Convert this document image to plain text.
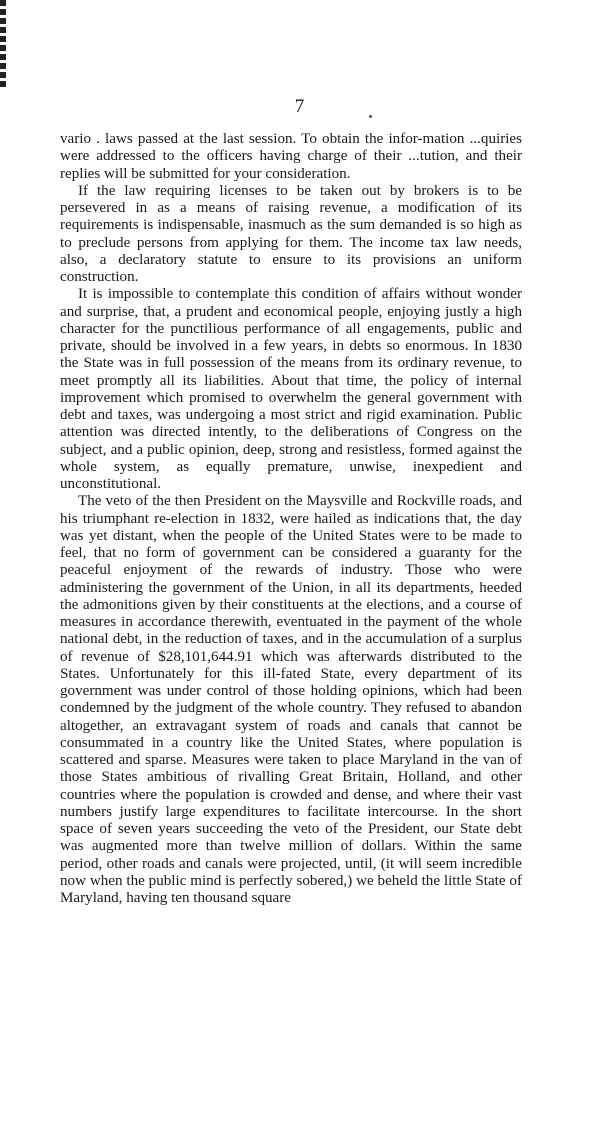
7

vario . laws passed at the last session. To obtain the infor-mation ...quiries were addressed to the officers having charge of their ...tution, and their replies will be submitted for your consideration.

If the law requiring licenses to be taken out by brokers is to be persevered in as a means of raising revenue, a modification of its requirements is indispensable, inasmuch as the sum demanded is so high as to preclude persons from applying for them. The income tax law needs, also, a declaratory statute to ensure to its provisions an uniform construction.

It is impossible to contemplate this condition of affairs without wonder and surprise, that, a prudent and economical people, enjoying justly a high character for the punctilious performance of all engagements, public and private, should be involved in a few years, in debts so enormous. In 1830 the State was in full possession of the means from its ordinary revenue, to meet promptly all its liabilities. About that time, the policy of internal improvement which promised to overwhelm the general government with debt and taxes, was undergoing a most strict and rigid examination. Public attention was directed intently, to the deliberations of Congress on the subject, and a public opinion, deep, strong and resistless, formed against the whole system, as equally premature, unwise, inexpedient and unconstitutional.

The veto of the then President on the Maysville and Rockville roads, and his triumphant re-election in 1832, were hailed as indications that, the day was yet distant, when the people of the United States were to be made to feel, that no form of government can be considered a guaranty for the peaceful enjoyment of the rewards of industry. Those who were administering the government of the Union, in all its departments, heeded the admonitions given by their constituents at the elections, and a course of measures in accordance therewith, eventuated in the payment of the whole national debt, in the reduction of taxes, and in the accumulation of a surplus of revenue of $28,101,644.91 which was afterwards distributed to the States. Unfortunately for this ill-fated State, every department of its government was under control of those holding opinions, which had been condemned by the judgment of the whole country. They refused to abandon altogether, an extravagant system of roads and canals that cannot be consummated in a country like the United States, where population is scattered and sparse. Measures were taken to place Maryland in the van of those States ambitious of rivalling Great Britain, Holland, and other countries where the population is crowded and dense, and where their vast numbers justify large expenditures to facilitate intercourse. In the short space of seven years succeeding the veto of the President, our State debt was augmented more than twelve million of dollars. Within the same period, other roads and canals were projected, until, (it will seem incredible now when the public mind is perfectly sobered,) we beheld the little State of Maryland, having ten thousand square
